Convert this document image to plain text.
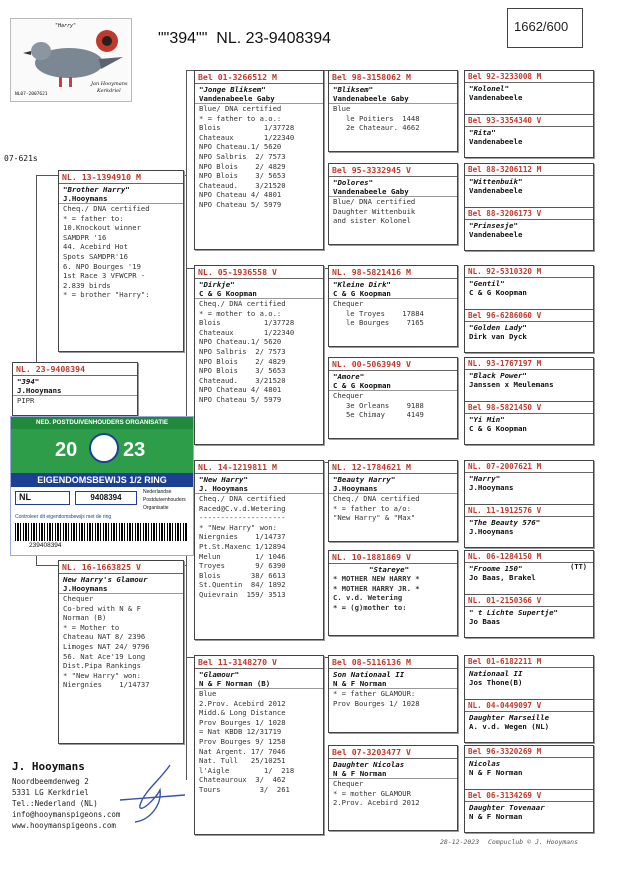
"Harry"
Jan Hooymans
Kerkdriel
NL07-2007621
""394""  NL. 23-9408394
1662/600
07-621s
NL. 23-9408394
"394"
J.Hooymans
PIPR
NED. POSTDUIVENHOUDERS ORGANISATIE
20 23
EIGENDOMSBEWIJS 1/2 RING
NL	9408394
Nederlandse
Postduivenhouders
Organisatie
Controleer dit eigendomsbewijs met de ring
239408394
NL. 13-1394910 M
"Brother Harry"
J.Hooymans
Cheq./ DNA certified
* = father to:
10.Knockout winner
SAMDPR '16
44. Acebird Hot
Spots SAMDPR'16
6. NPO Bourges '19
1st Race 3 VFWCPR -
2.839 birds
* = brother "Harry":
NL. 16-1663825 V
New Harry's Glamour
J.Hooymans
Chequer
Co-bred with N & F
Norman (B)
* = Mother to
Chateau NAT 8/ 2396
Limoges NAT 24/ 9796
56. Nat Ace'19 Long
Dist.Pipa Rankings
* "New Harry" won:
Niergnies    1/14737
Bel 01-3266512 M
"Jonge Bliksem"
Vandenabeele Gaby
Blue/ DNA certified
* = father to a.o.:
Blois          1/37728
Chateaux       1/22340
NPO Chateau.1/ 5620
NPO Salbris  2/ 7573
NPO Blois    2/ 4829
NPO Blois    3/ 5653
Chateaud.    3/21520
NPO Chateau 4/ 4801
NPO Chateau 5/ 5979
NL. 05-1936558 V
"Dirkje"
C & G Koopman
Cheq./ DNA certified
* = mother to a.o.:
Blois          1/37728
Chateaux       1/22340
NPO Chateau.1/ 5620
NPO Salbris  2/ 7573
NPO Blois    2/ 4829
NPO Blois    3/ 5653
Chateaud.    3/21520
NPO Chateau 4/ 4801
NPO Chateau 5/ 5979
NL. 14-1219811 M
"New Harry"
J. Hooymans
Cheq./ DNA certified
Raced@C.v.d.Wetering
--------------------
* "New Harry" won:
Niergnies    1/14737
Pt.St.Maxenc 1/12894
Melun        1/ 1046
Troyes       9/ 6390
Blois       38/ 6613
St.Quentin  84/ 1892
Quievrain  159/ 3513
Bel 11-3148270 V
"Glamour"
N & F Norman (B)
Blue
2.Prov. Acebird 2012
Midd.& Long Distance
Prov Bourges 1/ 1028
= Nat KBDB 12/31719
Prov Bourges 9/ 1258
Nat Argent. 17/ 7046
Nat. Tull   25/10251
l'Aigle        1/  218
Chateauroux  3/  462
Tours         3/  261
Bel 98-3158062 M
"Bliksem"
Vandenabeele Gaby
Blue
le Poitiers  1448
2e Chateaur. 4662
Bel 95-3332945 V
"Dolores"
Vandenabeele Gaby
Blue/ DNA certified
Daughter Wittenbuik
and sister Kolonel
NL. 98-5821416 M
"Kleine Dirk"
C & G Koopman
Chequer
le Troyes    17884
le Bourges    7165
NL. 00-5063949 V
"Amore"
C & G Koopman
Chequer
3e Orleans    9188
5e Chimay     4149
NL. 12-1784621 M
"Beauty Harry"
J.Hooymans
Cheq./ DNA certified
* = father to a/o:
"New Harry" & "Max"
NL. 10-1881869 V
"Stareye"
* MOTHER NEW HARRY *
* MOTHER HARRY JR. *
C. v.d. Wetering
* = (g)mother to:
Bel 08-5116136 M
Son Nationaal II
N & F Norman
* = father GLAMOUR:
Prov Bourges 1/ 1028
Bel 07-3203477 V
Daughter Nicolas
N & F Norman
Chequer
* = mother GLAMOUR
2.Prov. Acebird 2012
Bel 92-3233008 M
"Kolonel"
Vandenabeele
Bel 93-3354340 V
"Rita"
Vandenabeele
Bel 88-3206112 M
"Wittenbuik"
Vandenabeele
Bel 88-3206173 V
"Prinsesje"
Vandenabeele
NL. 92-5310320 M
"Gentil"
C & G Koopman
Bel 96-6286060 V
"Golden Lady"
Dirk van Dyck
NL. 93-1767197 M
"Black Power"
Janssen x Meulemans
Bel 98-5821450 V
"Yi Min"
C & G Koopman
NL. 07-2007621 M
"Harry"
J.Hooymans
NL. 11-1912576 V
"The Beauty 576"
J.Hooymans
NL. 06-1284150 M
"Froome 150"	(TT)
Jo Baas, Brakel
NL. 01-2150366 V
" t Lichte Supertje"
Jo Baas
Bel 01-6182211 M
Nationaal II
Jos Thone(B)
NL. 04-0449097 V
Daughter Marseille
A. v.d. Wegen (NL)
Bel 96-3320269 M
Nicolas
N & F Norman
Bel 06-3134269 V
Daughter Tovenaar
N & F Norman
J. Hooymans
Noordbeemdenweg 2
5331 LG Kerkdriel
Tel.:Nederland (NL)
info@hooymanspigeons.com
www.hooymanspigeons.com
28-12-2023 Compuclub © J. Hooymans
